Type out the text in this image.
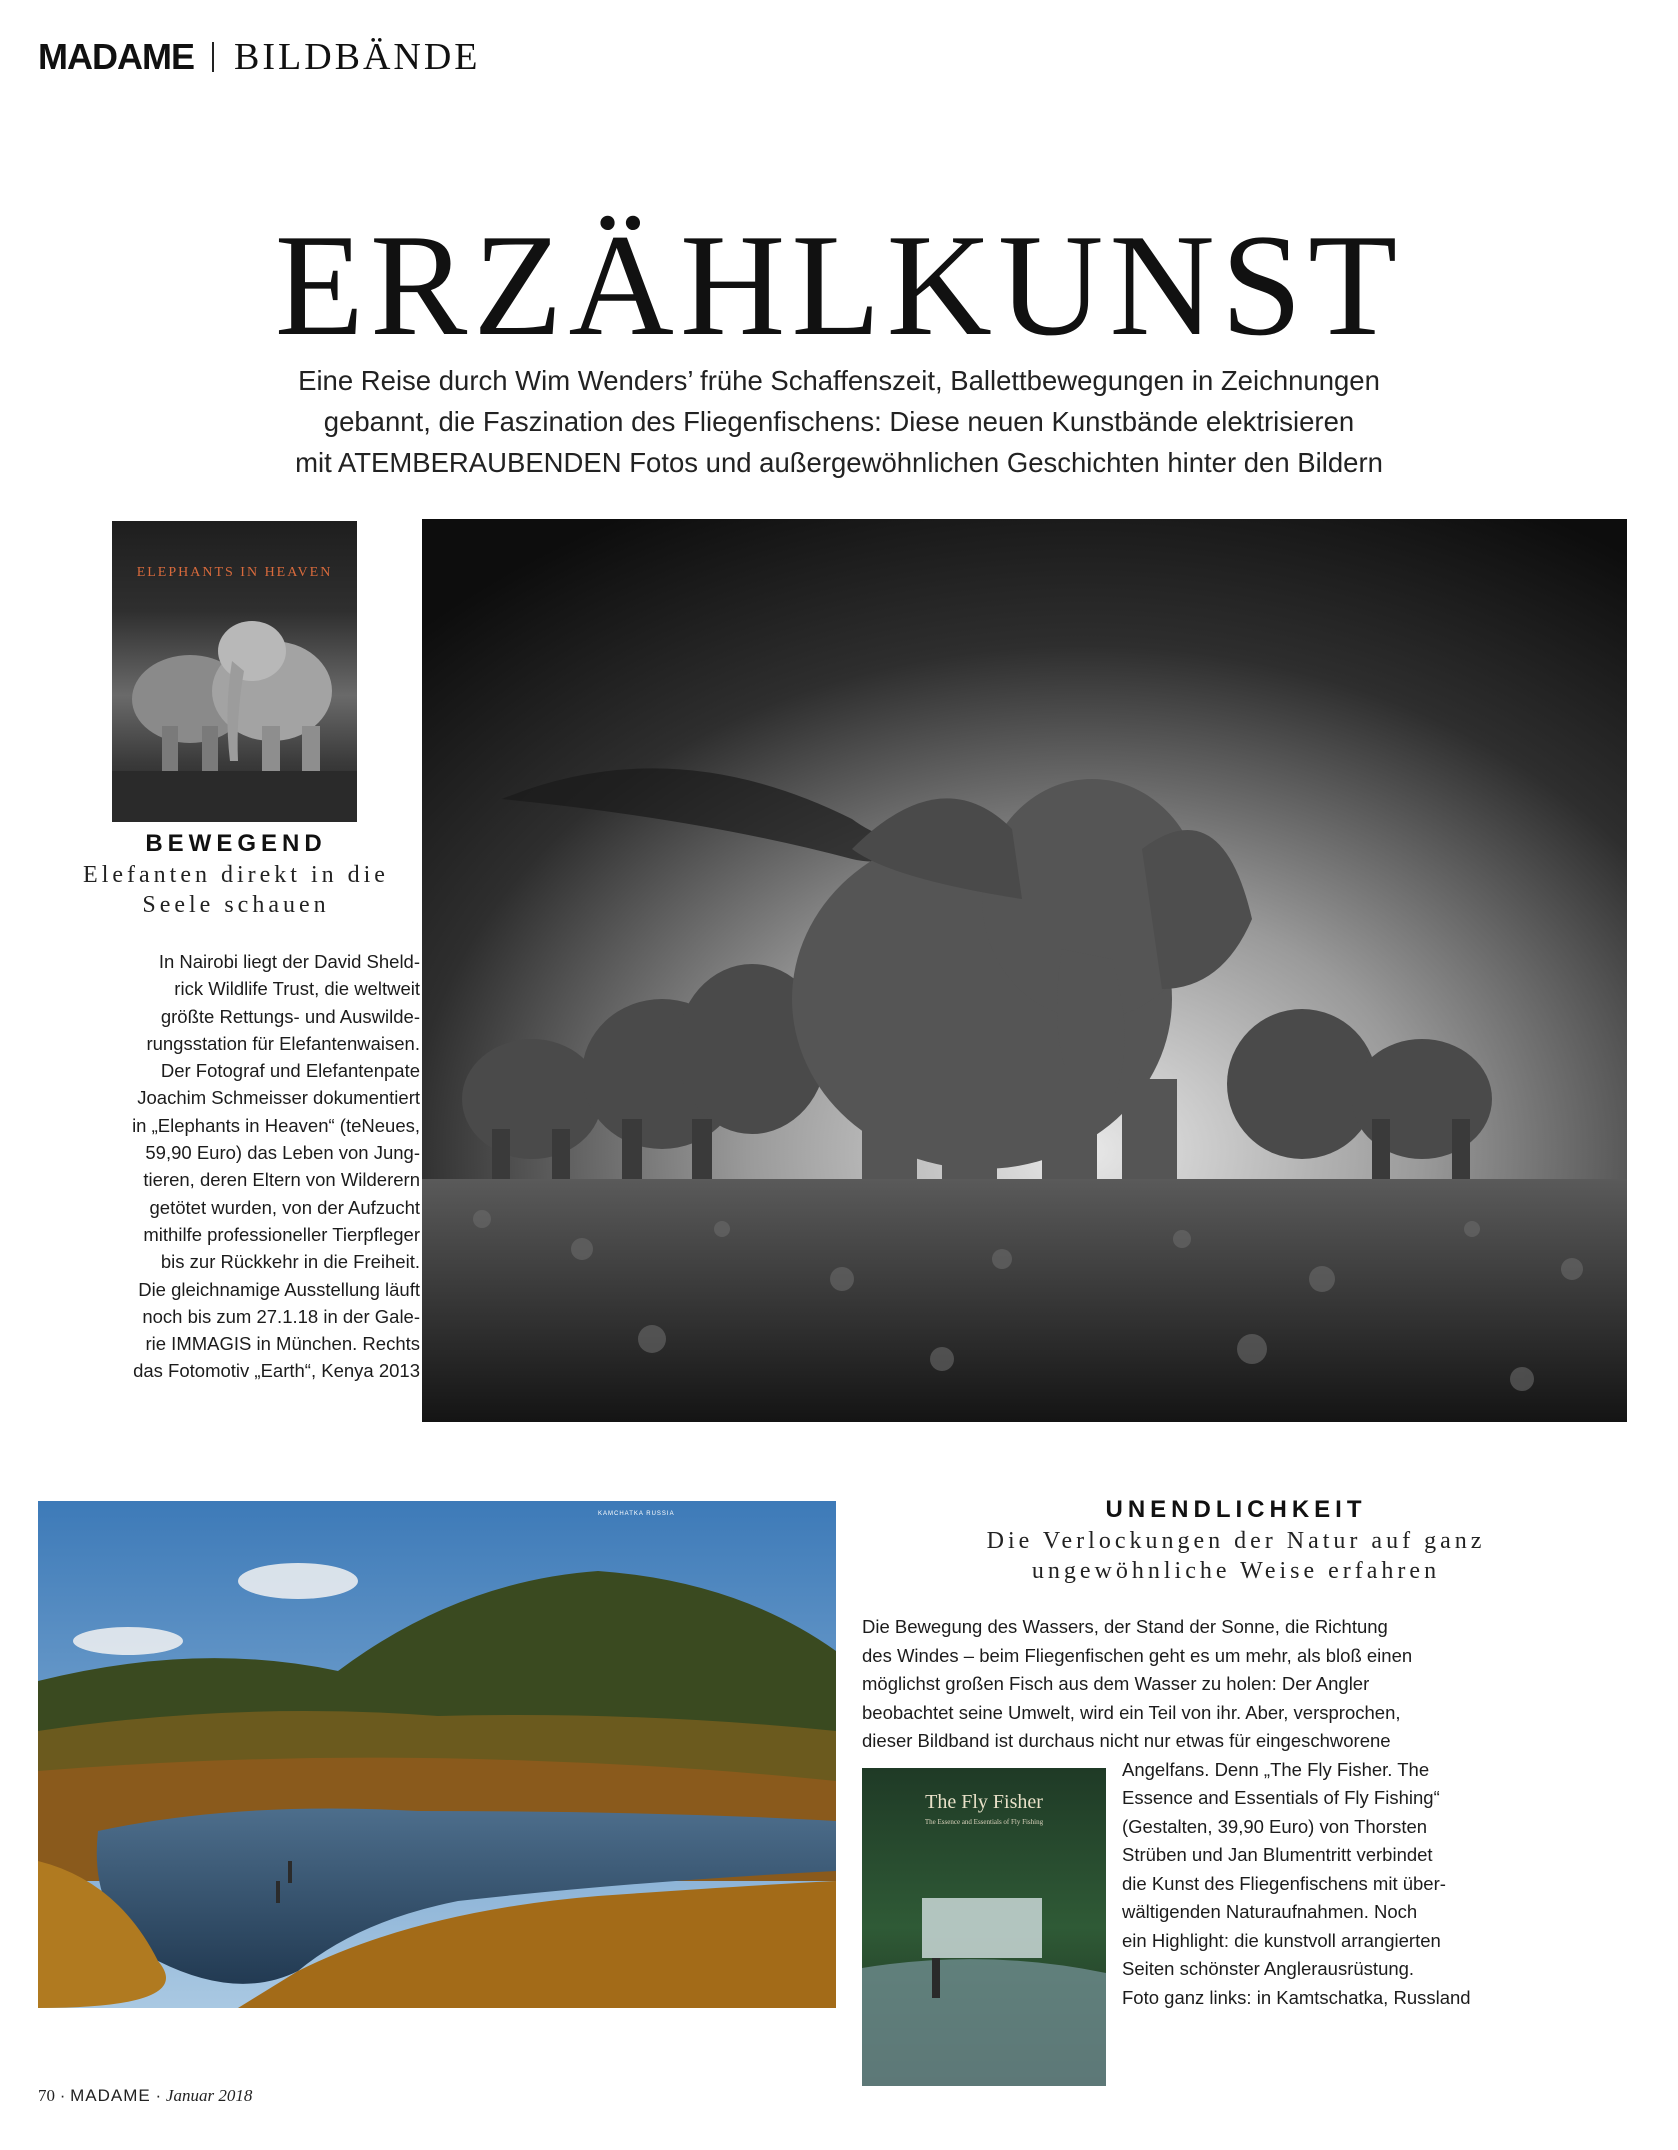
MADAME BILDBÄNDE
ERZÄHLKUNST
Eine Reise durch Wim Wenders’ frühe Schaffenszeit, Ballettbewegungen in Zeichnungen
gebannt, die Faszination des Fliegenfischens: Diese neuen Kunstbände elektrisieren
mit ATEMBERAUBENDEN Fotos und außergewöhnlichen Geschichten hinter den Bildern
ELEPHANTS IN HEAVEN
BEWEGEND
Elefanten direkt in die
Seele schauen
In Nairobi liegt der David Sheld-
rick Wildlife Trust, die weltweit
größte Rettungs- und Auswilde-
rungsstation für Elefantenwaisen.
Der Fotograf und Elefantenpate
Joachim Schmeisser dokumentiert
in „Elephants in Heaven“ (teNeues,
59,90 Euro) das Leben von Jung-
tieren, deren Eltern von Wilderern
getötet wurden, von der Aufzucht
mithilfe professioneller Tierpfleger
bis zur Rückkehr in die Freiheit.
Die gleichnamige Ausstellung läuft
noch bis zum 27.1.18 in der Gale-
rie IMMAGIS in München. Rechts
das Fotomotiv „Earth“, Kenya 2013
KAMCHATKA RUSSIA	UNENDLICHKEIT
Die Verlockungen der Natur auf ganz
ungewöhnliche Weise erfahren
Die Bewegung des Wassers, der Stand der Sonne, die Richtung
des Windes – beim Fliegenfischen geht es um mehr, als bloß einen
möglichst großen Fisch aus dem Wasser zu holen: Der Angler
beobachtet seine Umwelt, wird ein Teil von ihr. Aber, versprochen,
dieser Bildband ist durchaus nicht nur etwas für eingeschworene
Angelfans. Denn „The Fly Fisher. The
Essence and Essentials of Fly Fishing“
(Gestalten, 39,90 Euro) von Thorsten
Strüben und Jan Blumentritt verbindet
die Kunst des Fliegenfischens mit über-
wältigenden Naturaufnahmen. Noch
ein Highlight: die kunstvoll arrangierten
Seiten schönster Anglerausrüstung.
Foto ganz links: in Kamtschatka, Russland
The Fly Fisher
The Essence and Essentials of Fly Fishing
70 · MADAME · Januar 2018
